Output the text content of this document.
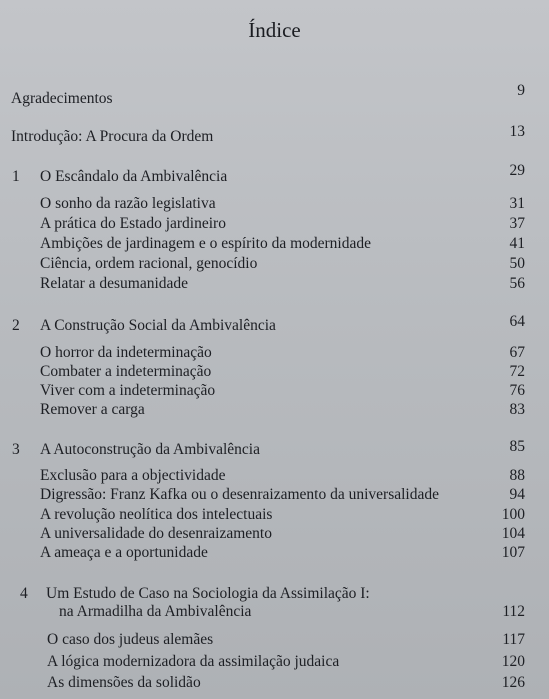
Índice
Agradecimentos	9
Introdução: A Procura da Ordem	13
1 O Escândalo da Ambivalência	29
O sonho da razão legislativa	31
A prática do Estado jardineiro	37
Ambições de jardinagem e o espírito da modernidade	41
Ciência, ordem racional, genocídio	50
Relatar a desumanidade	56
2 A Construção Social da Ambivalência	64
O horror da indeterminação	67
Combater a indeterminação	72
Viver com a indeterminação	76
Remover a carga	83
3 A Autoconstrução da Ambivalência	85
Exclusão para a objectividade	88
Digressão: Franz Kafka ou o desenraizamento da universalidade	94
A revolução neolítica dos intelectuais	100
A universalidade do desenraizamento	104
A ameaça e a oportunidade	107
4 Um Estudo de Caso na Sociologia da Assimilação I:
na Armadilha da Ambivalência	112
O caso dos judeus alemães	117
A lógica modernizadora da assimilação judaica	120
As dimensões da solidão	126
